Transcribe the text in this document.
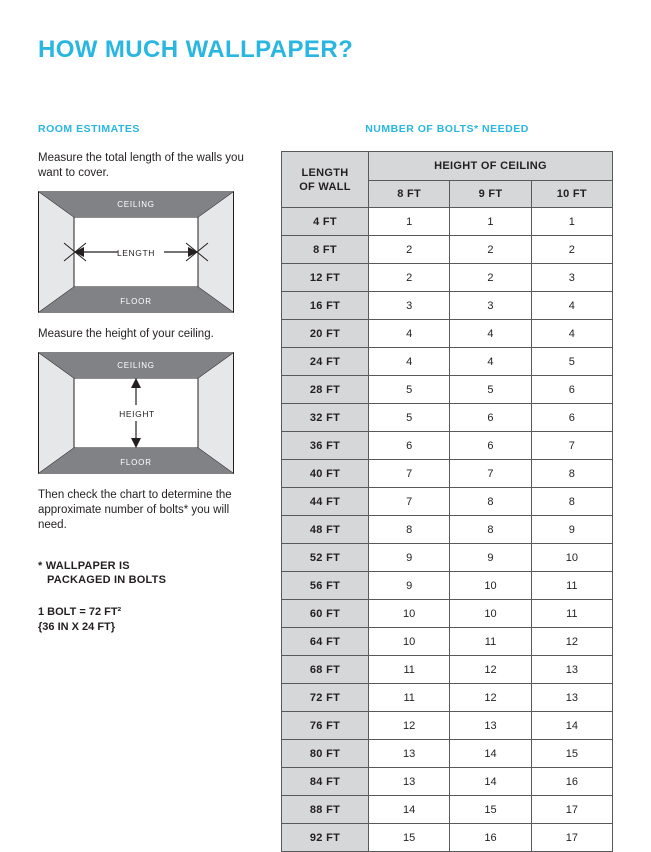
HOW MUCH WALLPAPER?
ROOM ESTIMATES

Measure the total length of the walls you want to cover.

LENGTH
CEILING
FLOOR

Measure the height of your ceiling.

HEIGHT
CEILING
FLOOR

Then check the chart to determine the approximate number of bolts* you will need.

* WALLPAPER IS

PACKAGED IN BOLTS
1 BOLT = 72 FT²
{36 IN X 24 FT}
NUMBER OF BOLTS* NEEDED
LENGTH
OF WALL	HEIGHT OF CEILING		
	8 FT	9 FT	10 FT
4 FT	1	1	1
8 FT	2	2	2
12 FT	2	2	3
16 FT	3	3	4
20 FT	4	4	4
24 FT	4	4	5
28 FT	5	5	6
32 FT	5	6	6
36 FT	6	6	7
40 FT	7	7	8
44 FT	7	8	8
48 FT	8	8	9
52 FT	9	9	10
56 FT	9	10	11
60 FT	10	10	11
64 FT	10	11	12
68 FT	11	12	13
72 FT	11	12	13
76 FT	12	13	14
80 FT	13	14	15
84 FT	13	14	16
88 FT	14	15	17
92 FT	15	16	17
